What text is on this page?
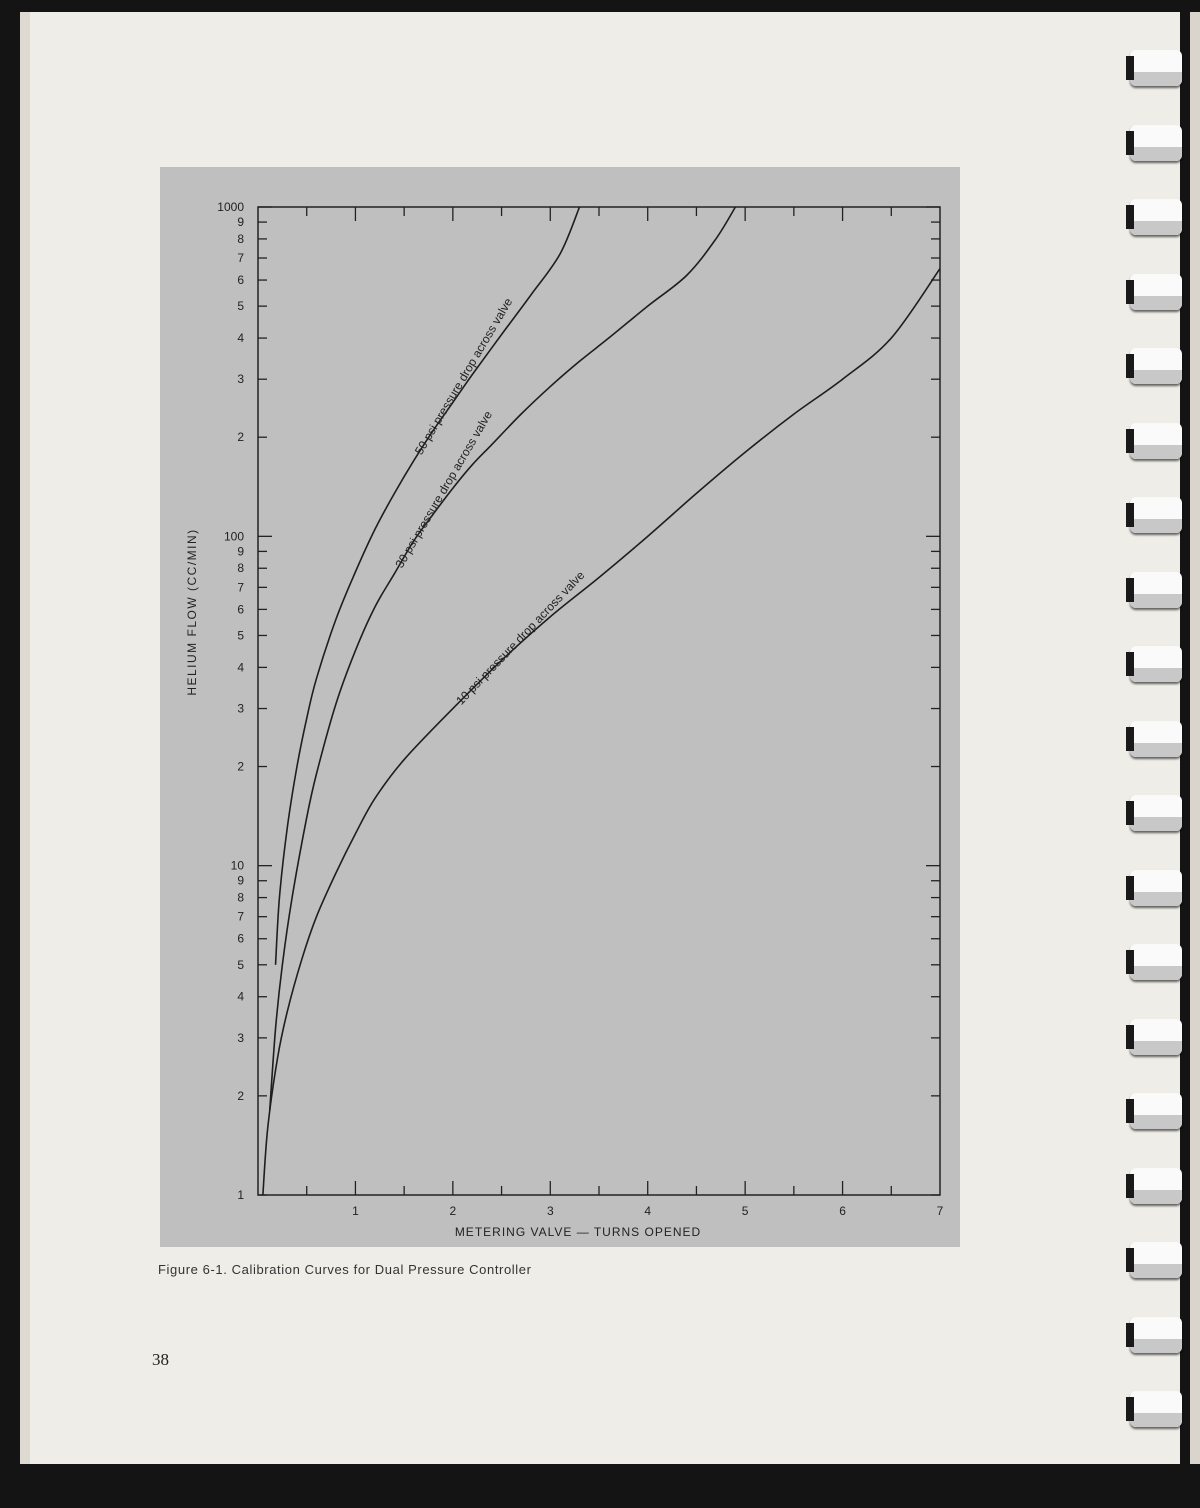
1	2	3	4	5	6	7
1
2
3
4
5
6
7
8
9
10
2
3
4
5
6
7
8
9
100
2
3
4
5
6
7
8
9
1000
50 psi pressure drop across valve
30 psi pressure drop across valve
10 psi pressure drop across valve
METERING VALVE — TURNS OPENED
HELIUM FLOW (CC/MIN)
Figure 6-1. Calibration Curves for Dual Pressure Controller
38
